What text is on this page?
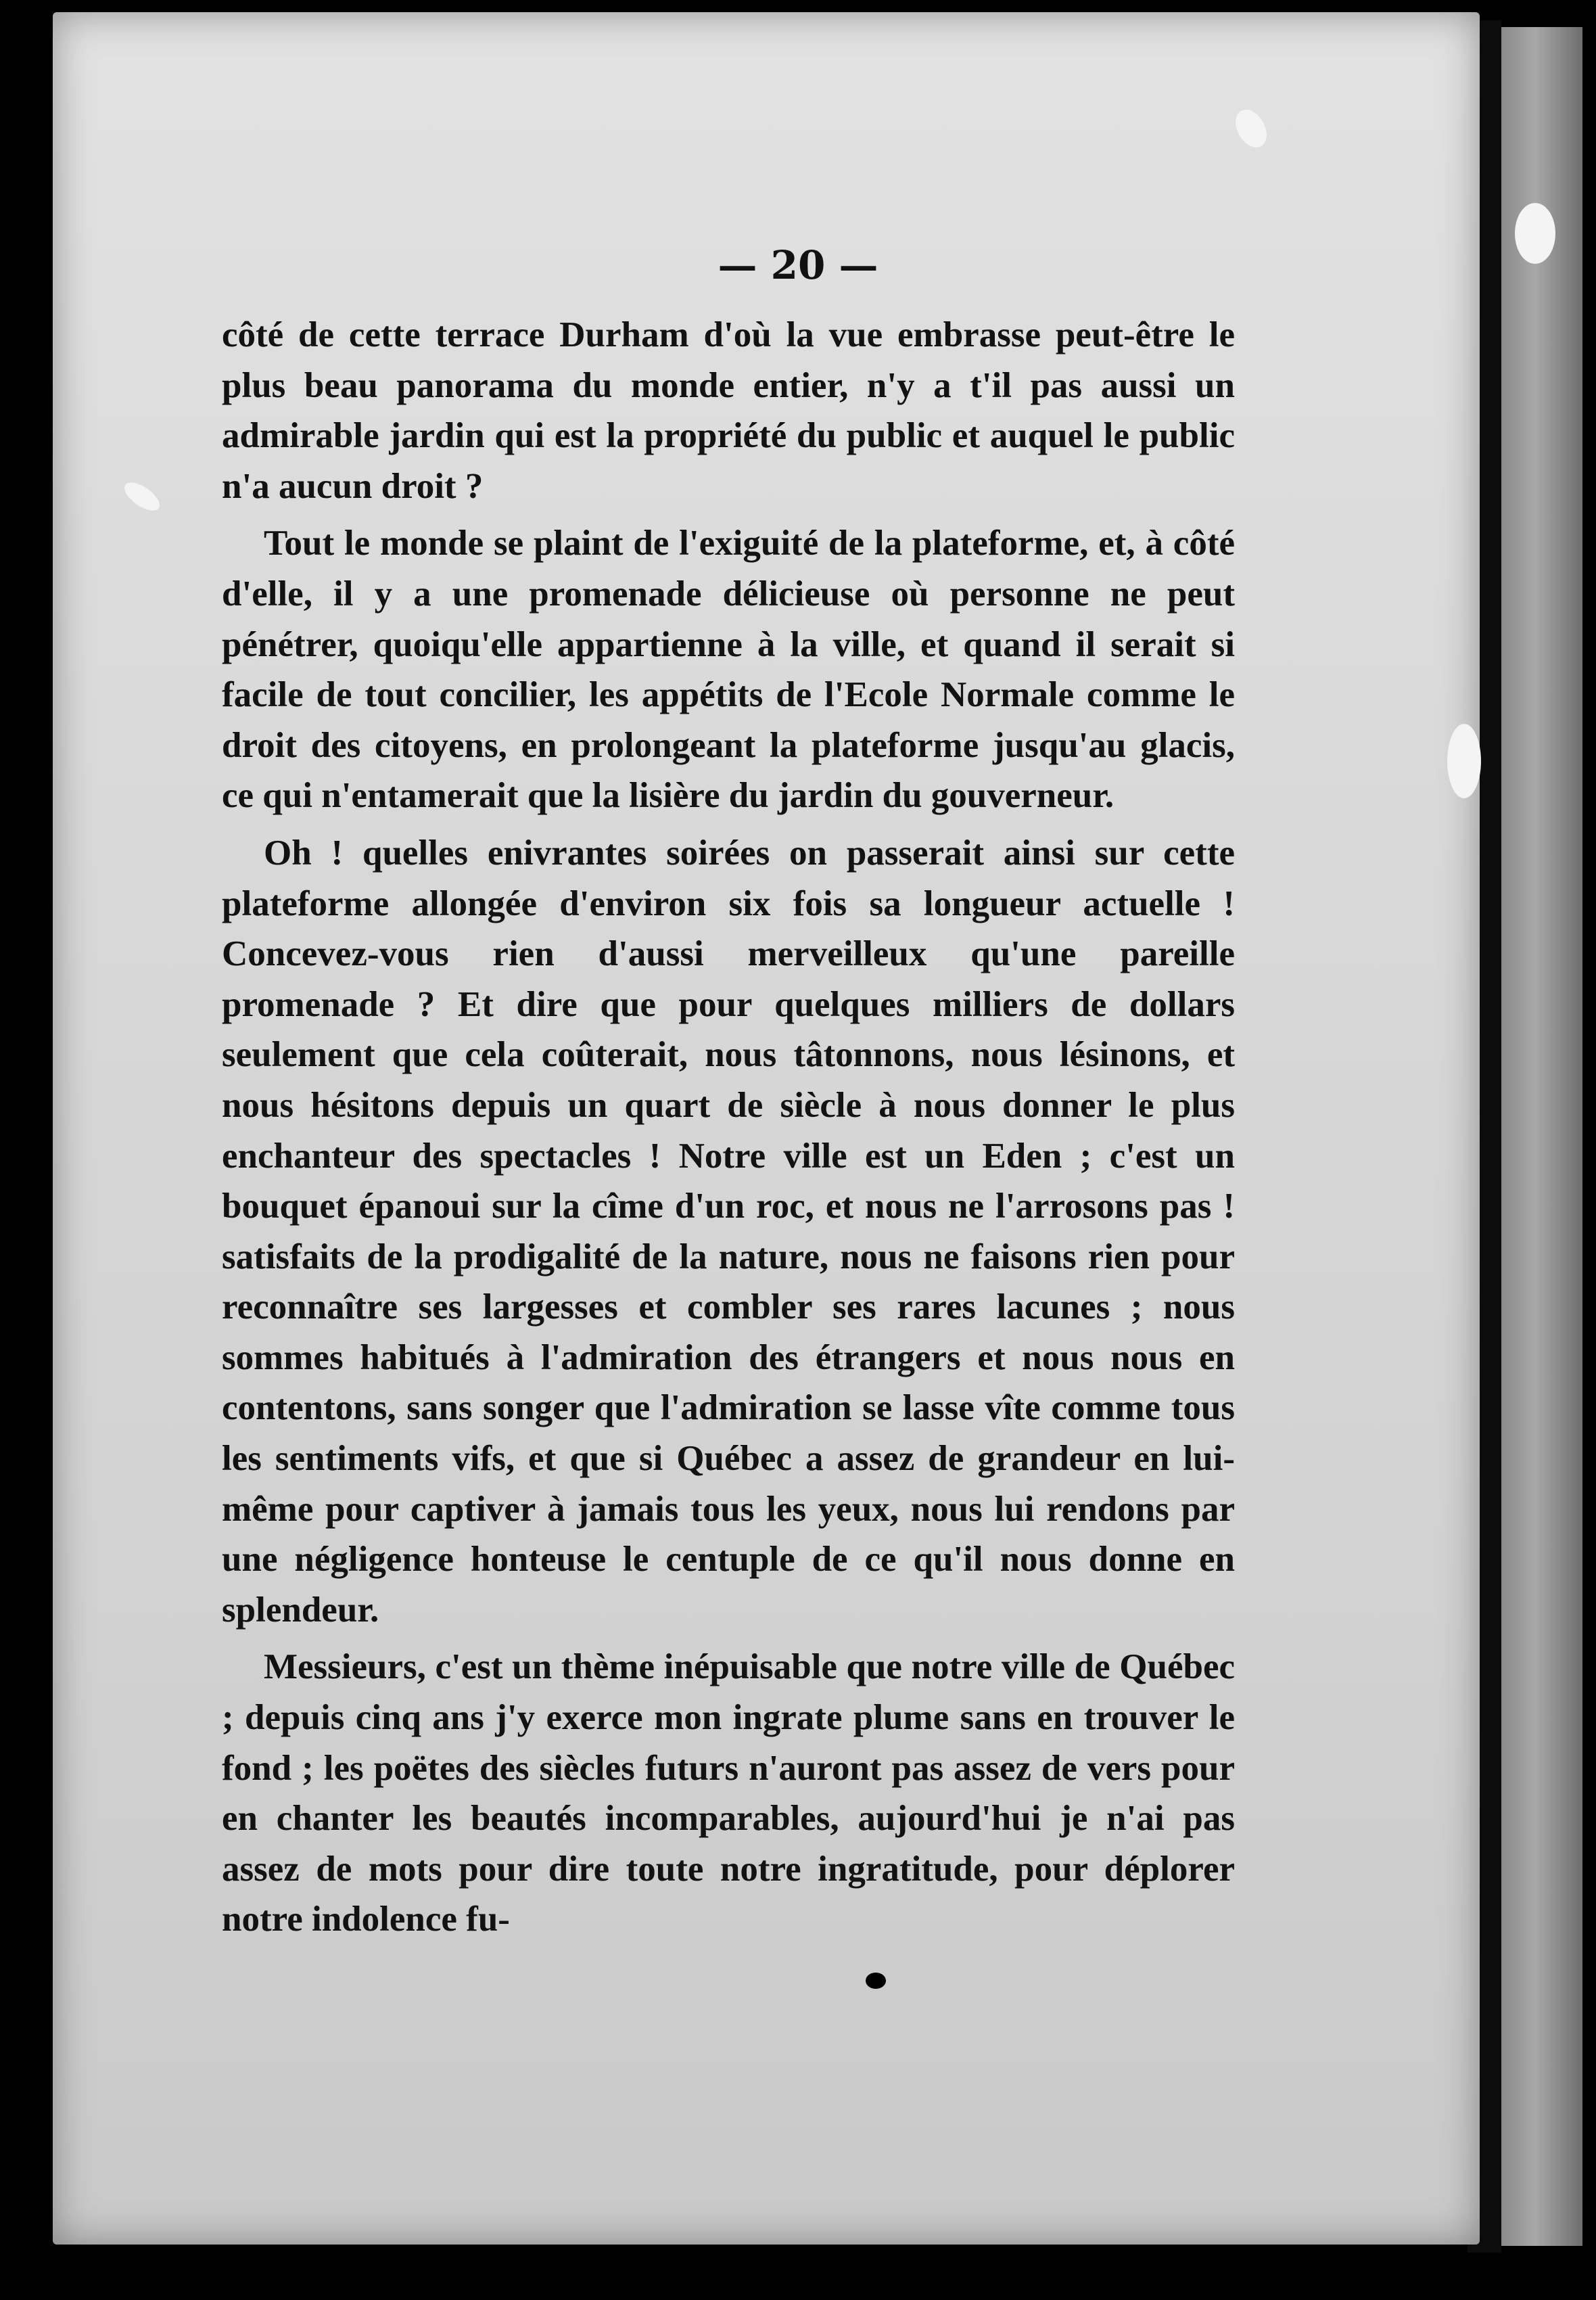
— 20 —

côté de cette terrace Durham d'où la vue embrasse peut-être le plus beau panorama du monde entier, n'y a t'il pas aussi un admirable jardin qui est la propriété du public et auquel le public n'a aucun droit ?

Tout le monde se plaint de l'exiguité de la plateforme, et, à côté d'elle, il y a une promenade délicieuse où personne ne peut pénétrer, quoiqu'elle appartienne à la ville, et quand il serait si facile de tout concilier, les appétits de l'Ecole Normale comme le droit des citoyens, en prolongeant la plateforme jusqu'au glacis, ce qui n'entamerait que la lisière du jardin du gouverneur.

Oh ! quelles enivrantes soirées on passerait ainsi sur cette plateforme allongée d'environ six fois sa longueur actuelle ! Concevez-vous rien d'aussi merveilleux qu'une pareille promenade ? Et dire que pour quelques milliers de dollars seulement que cela coûterait, nous tâtonnons, nous lésinons, et nous hésitons depuis un quart de siècle à nous donner le plus enchanteur des spectacles ! Notre ville est un Eden ; c'est un bouquet épanoui sur la cîme d'un roc, et nous ne l'arrosons pas ! satisfaits de la prodigalité de la nature, nous ne faisons rien pour reconnaître ses largesses et combler ses rares lacunes ; nous sommes habitués à l'admiration des étrangers et nous nous en contentons, sans songer que l'admiration se lasse vîte comme tous les sentiments vifs, et que si Québec a assez de grandeur en lui-même pour captiver à jamais tous les yeux, nous lui rendons par une négligence honteuse le centuple de ce qu'il nous donne en splendeur.

Messieurs, c'est un thème inépuisable que notre ville de Québec ; depuis cinq ans j'y exerce mon ingrate plume sans en trouver le fond ; les poëtes des siècles futurs n'auront pas assez de vers pour en chanter les beautés incomparables, aujourd'hui je n'ai pas assez de mots pour dire toute notre ingratitude, pour déplorer notre indolence fu-
